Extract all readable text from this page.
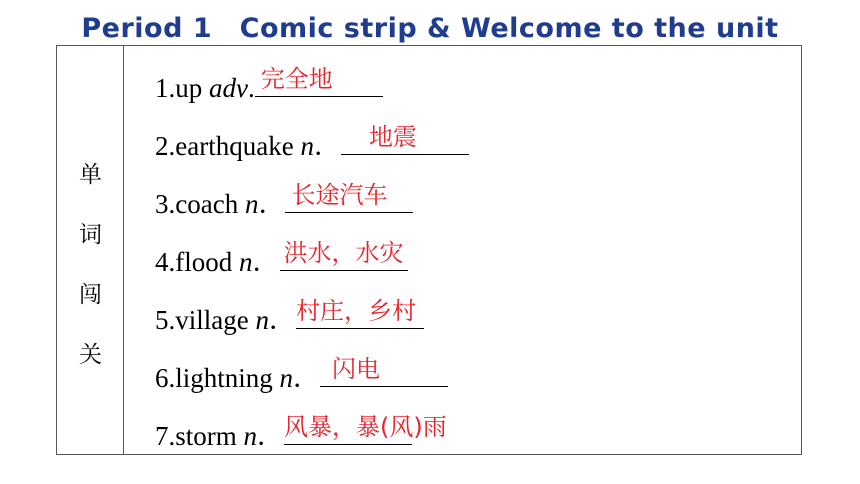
Period 1　Comic strip & Welcome to the unit
单
词
闯
关
1.up adv. 完全地
2.earthquake n． 地震
3.coach n． 长途汽车
4.flood n． 洪水，水灾
5.village n． 村庄，乡村
6.lightning n． 闪电
7.storm n． 风暴，暴(风)雨
